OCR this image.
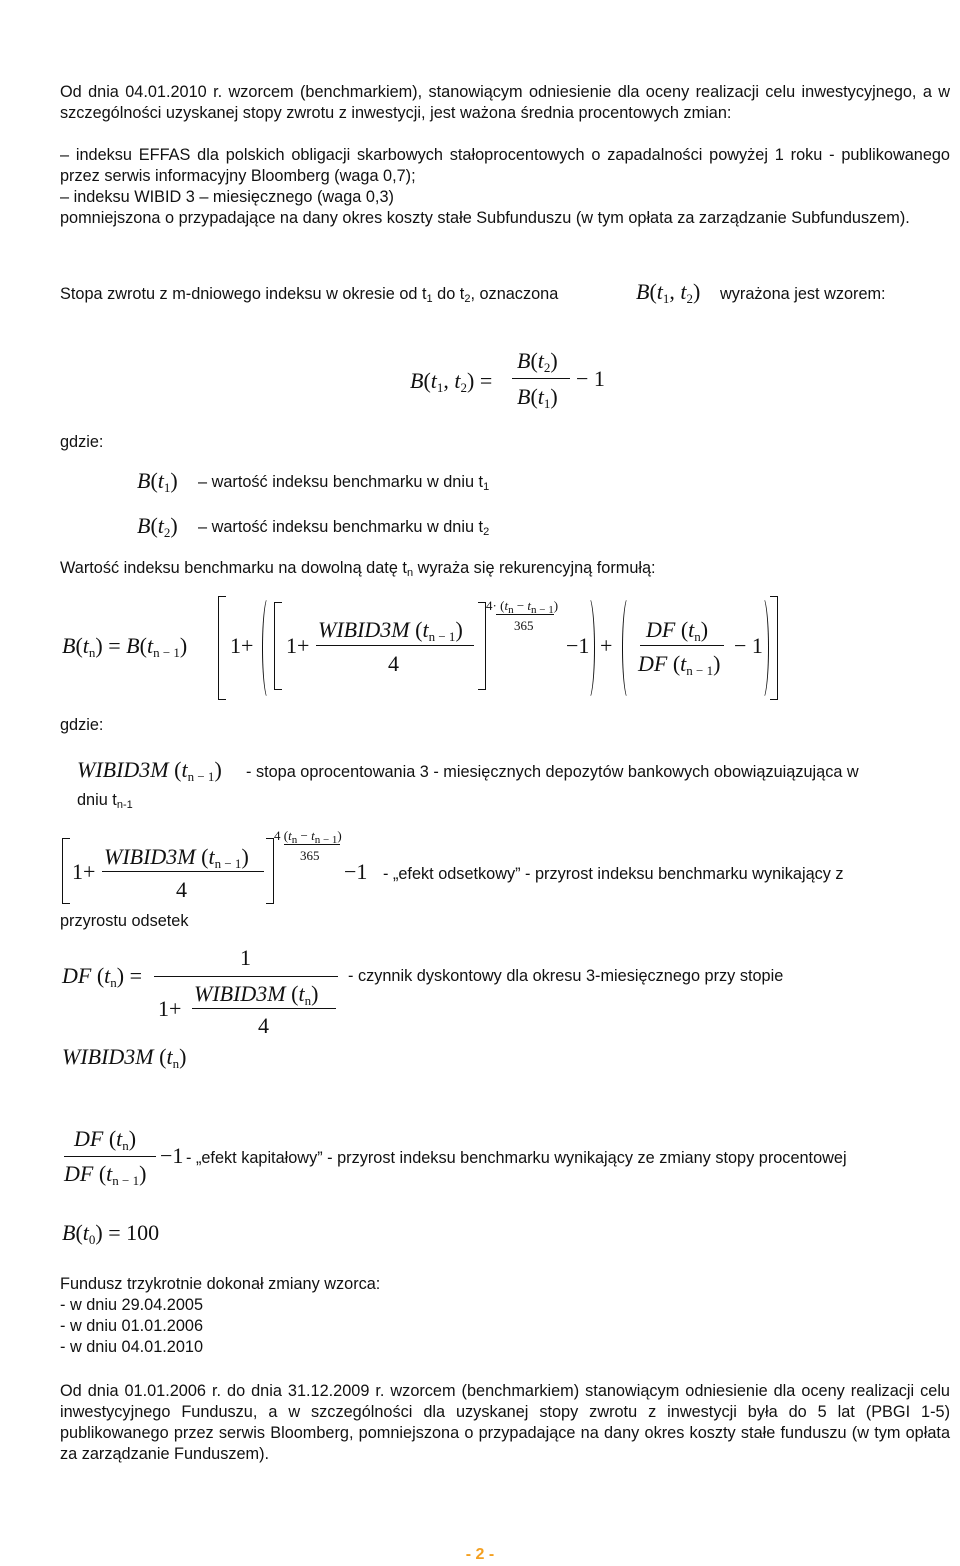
Od dnia 04.01.2010 r. wzorcem (benchmarkiem), stanowiącym odniesienie dla oceny realizacji celu inwestycyjnego, a w szczególności uzyskanej stopy zwrotu z inwestycji, jest ważona średnia procentowych zmian:
– indeksu EFFAS dla polskich obligacji skarbowych stałoprocentowych o zapadalności powyżej 1 roku - publikowanego przez serwis informacyjny Bloomberg (waga 0,7);
– indeksu WIBID 3 – miesięcznego (waga 0,3)
pomniejszona o przypadające na dany okres koszty stałe Subfunduszu (w tym opłata za zarządzanie Subfunduszem).
Stopa zwrotu z m-dniowego indeksu w okresie od $t_1$ do $t_2$, oznaczona	$B(t_1$, $t_2$) wyrażona jest wzorem:
$B(t_1$, $t_2$) =
$B(t_2)$
$B(t_1)$
− 1
gdzie:
$B(t_1)$ – wartość indeksu benchmarku w dniu $t_1$
$B(t_2)$ – wartość indeksu benchmarku w dniu $t_2$
Wartość indeksu benchmarku na dowolną datę $t_n$ wyraża się rekurencyjną formułą:
$B(t_n) = B(t_{n - 1})$ 1+ 1+
WIBID3M $(t_{n - 1})$
4
$4\cdot (t_n - t_{n - 1})$
365
−1 +
DF $(t_n)$
DF $(t_{n - 1})$
− 1
gdzie:
WIBID3M $(t_{n - 1})$ - stopa oprocentowania 3 - miesięcznych depozytów bankowych obowiązuiązująca w
dniu $t_{n-1}$
1+
WIBID3M $(t_{n - 1})$
4
4 $(t_n - t_{n - 1})$
365
−1 - „efekt odsetkowy” - przyrost indeksu benchmarku wynikający z
przyrostu odsetek
DF $(t_n)$ =
1
1+
WIBID3M $(t_n)$
4
- czynnik dyskontowy dla okresu 3-miesięcznego przy stopie
WIBID3M $(t_n)$
DF $(t_n)$
DF $(t_{n - 1})$
−1 - „efekt kapitałowy” - przyrost indeksu benchmarku wynikający ze zmiany stopy procentowej
$B(t_0) = 100$
Fundusz trzykrotnie dokonał zmiany wzorca:
- w dniu 29.04.2005
- w dniu 01.01.2006
- w dniu 04.01.2010
Od dnia 01.01.2006 r. do dnia 31.12.2009 r. wzorcem (benchmarkiem) stanowiącym odniesienie dla oceny realizacji celu inwestycyjnego Funduszu, a w szczególności dla uzyskanej stopy zwrotu z inwestycji była do 5 lat (PBGI 1-5) publikowanego przez serwis Bloomberg, pomniejszona o przypadające na dany okres koszty stałe funduszu (w tym opłata za zarządzanie Funduszem).
- 2 -
